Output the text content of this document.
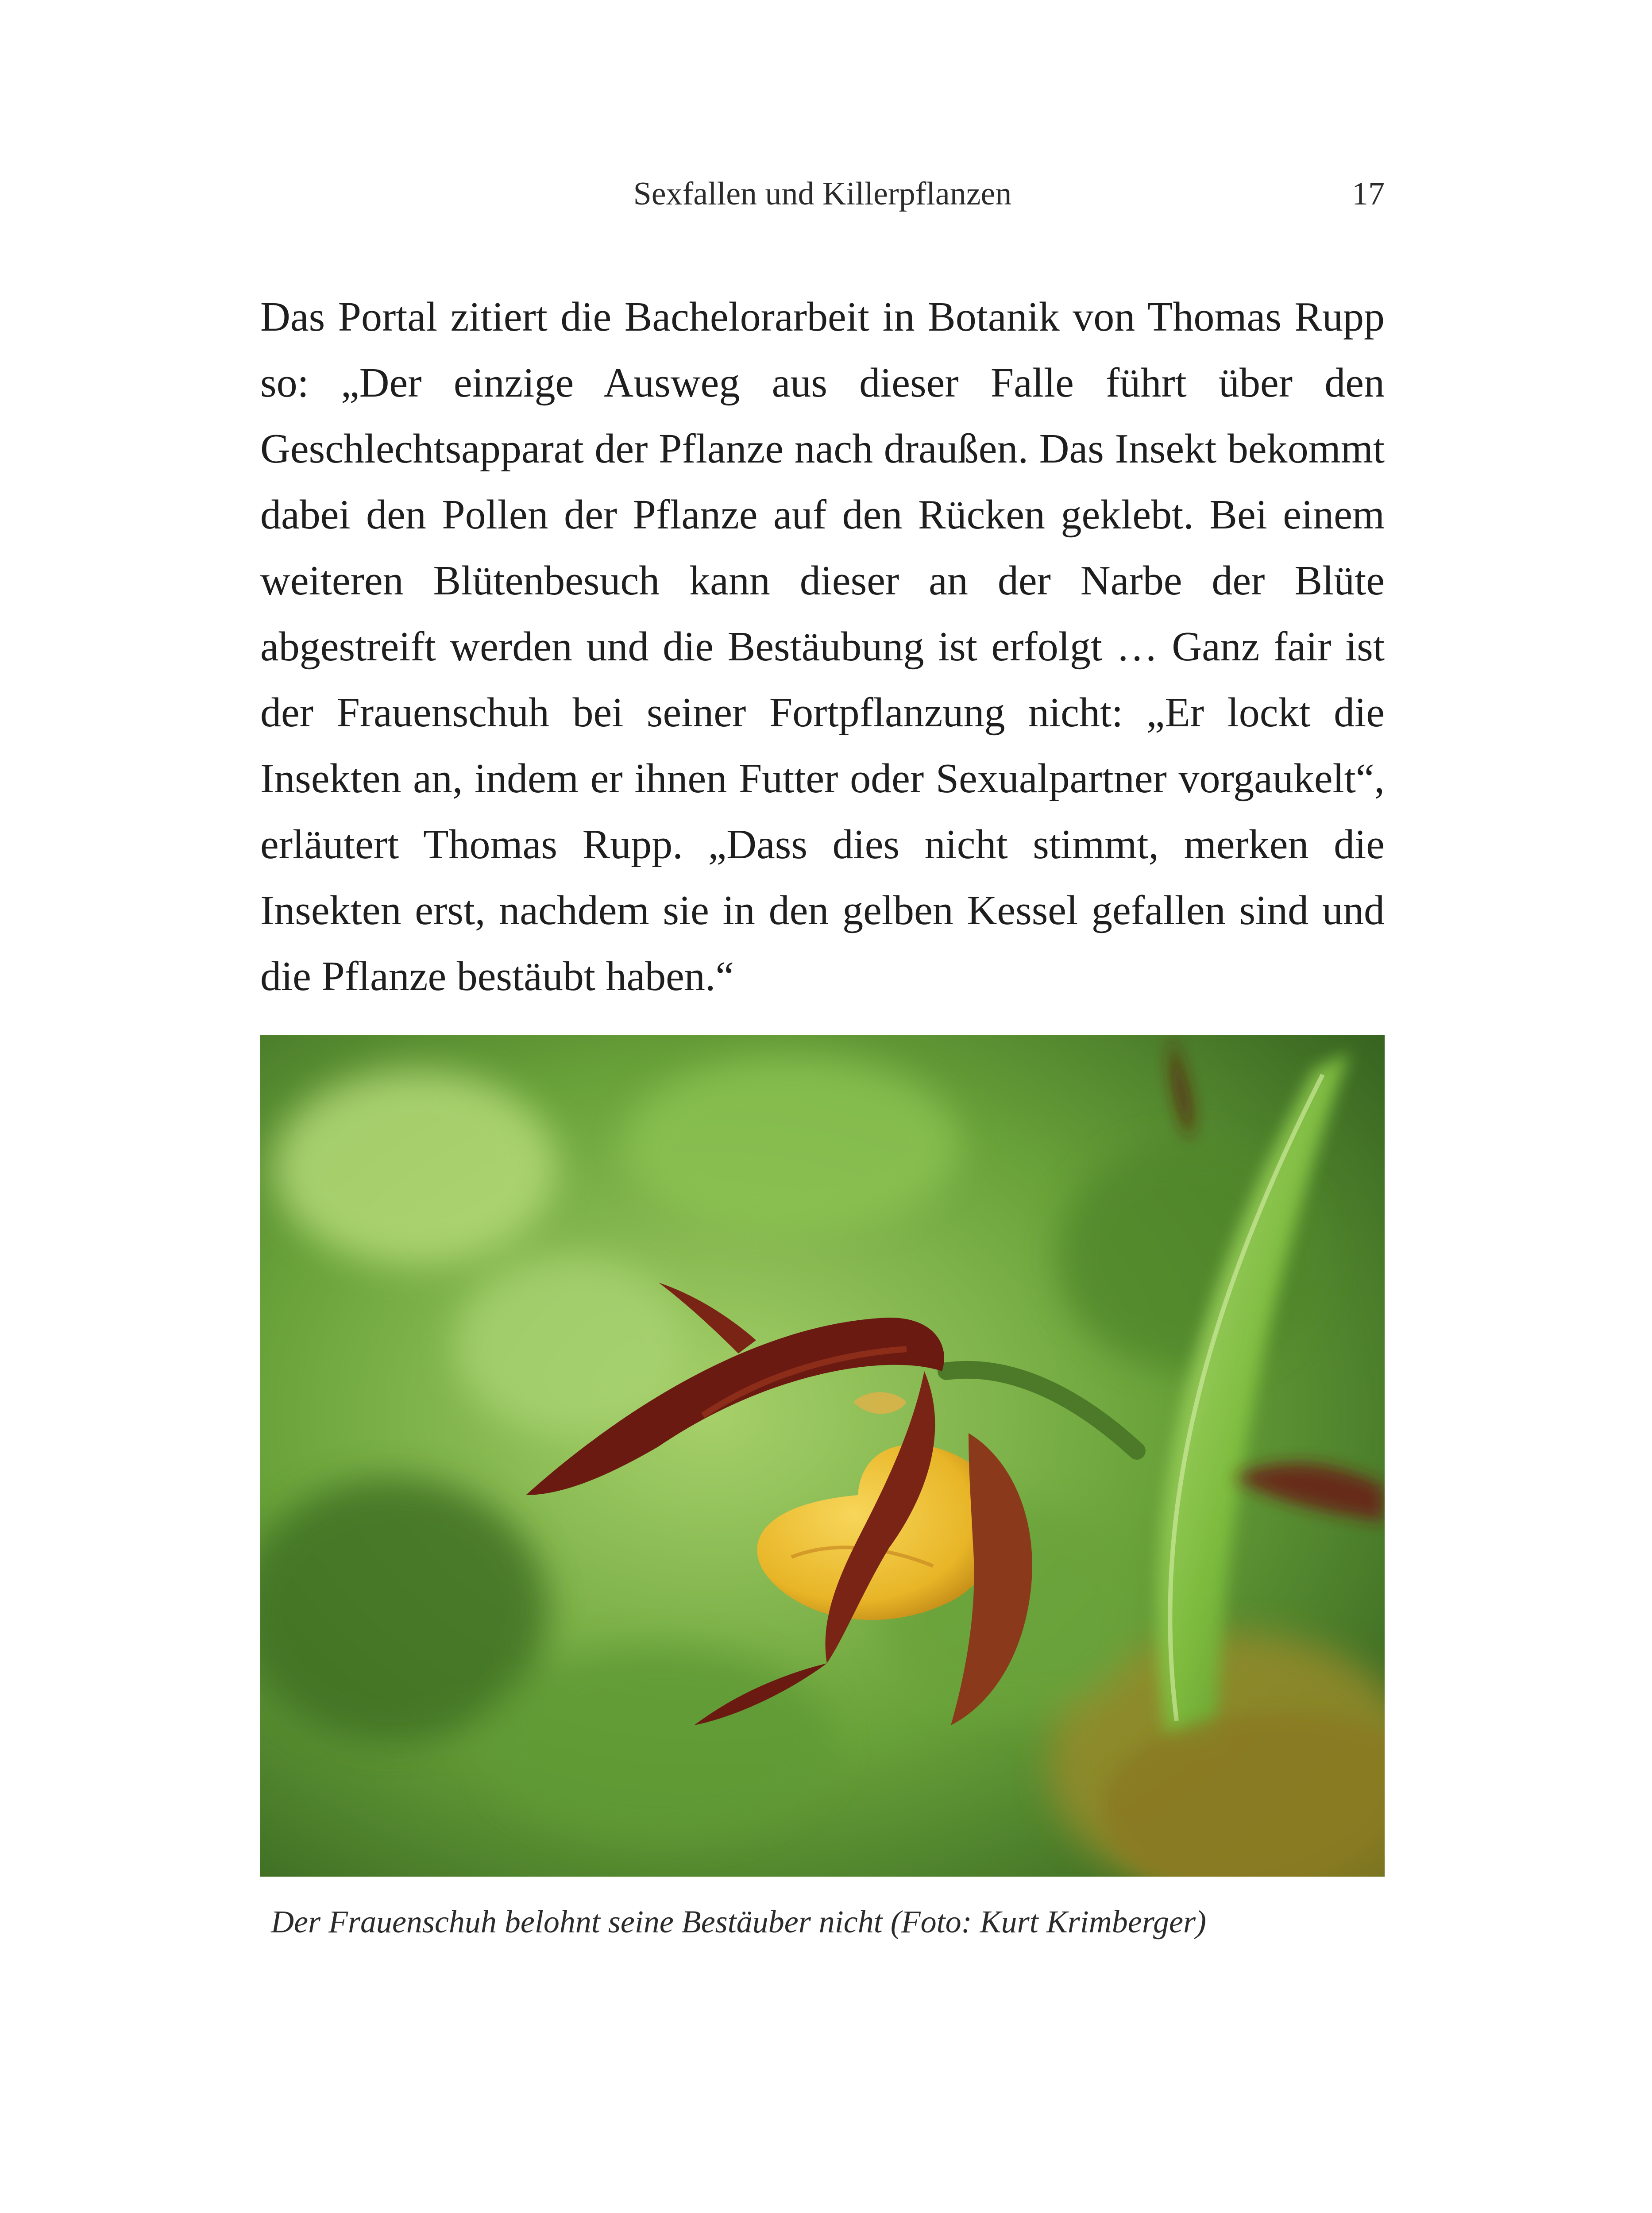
Sexfallen und Killerpflanzen	17

Das Portal zitiert die Bachelorarbeit in Botanik von Thomas Rupp so: „Der einzige Ausweg aus dieser Falle führt über den Geschlechtsapparat der Pflanze nach draußen. Das Insekt bekommt dabei den Pollen der Pflanze auf den Rücken geklebt. Bei einem weiteren Blütenbesuch kann dieser an der Narbe der Blüte abgestreift werden und die Bestäubung ist erfolgt … Ganz fair ist der Frauenschuh bei seiner Fortpflanzung nicht: „Er lockt die Insekten an, indem er ihnen Futter oder Sexualpartner vorgaukelt“, erläutert Thomas Rupp. „Dass dies nicht stimmt, merken die Insekten erst, nachdem sie in den gelben Kessel gefallen sind und die Pflanze bestäubt haben.“

Der Frauenschuh belohnt seine Bestäuber nicht (Foto: Kurt Krimberger)
